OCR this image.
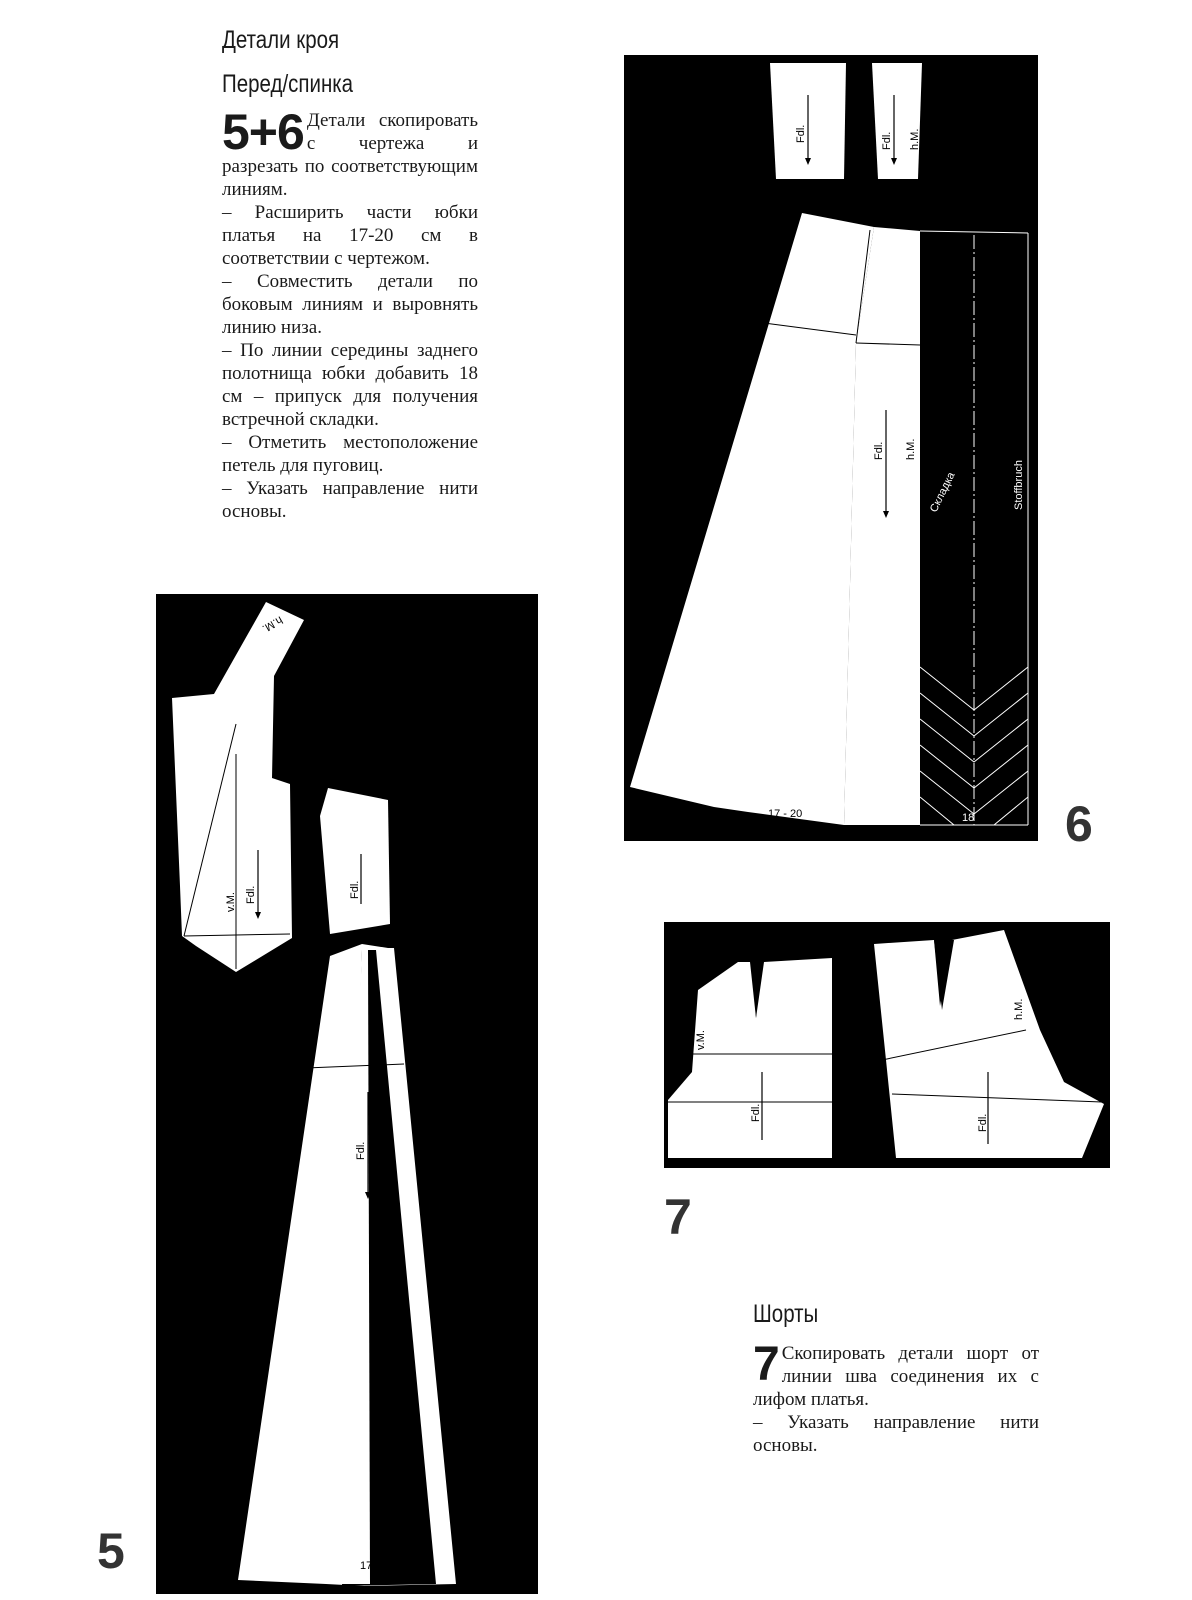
Детали кроя
Перед/спинка

5+6 Детали скопировать с чертежа и разрезать по соответствующим линиям.

– Расширить части юбки платья на 17-20 см в соответствии с чертежом.

– Совместить детали по боковым линиям и выровнять линию низа.

– По линии середины заднего полотнища юбки добавить 18 см – припуск для получения встречной складки.

– Отметить местоположение петель для пуговиц.

– Указать направление нити основы.

Fdl.	Fdl. h.M.
Fdl. h.M.
Складка	Stoffbruch
17 - 20	18 6
Fdl.
v.M.
h.M.
Bt
Fdl.
Fdl.
17 - 20
5
Fdl.
v.M.
Fdl.
h.M.
7
Шорты

7 Скопировать детали шорт от линии шва соединения их с лифом платья.

– Указать направление нити основы.
